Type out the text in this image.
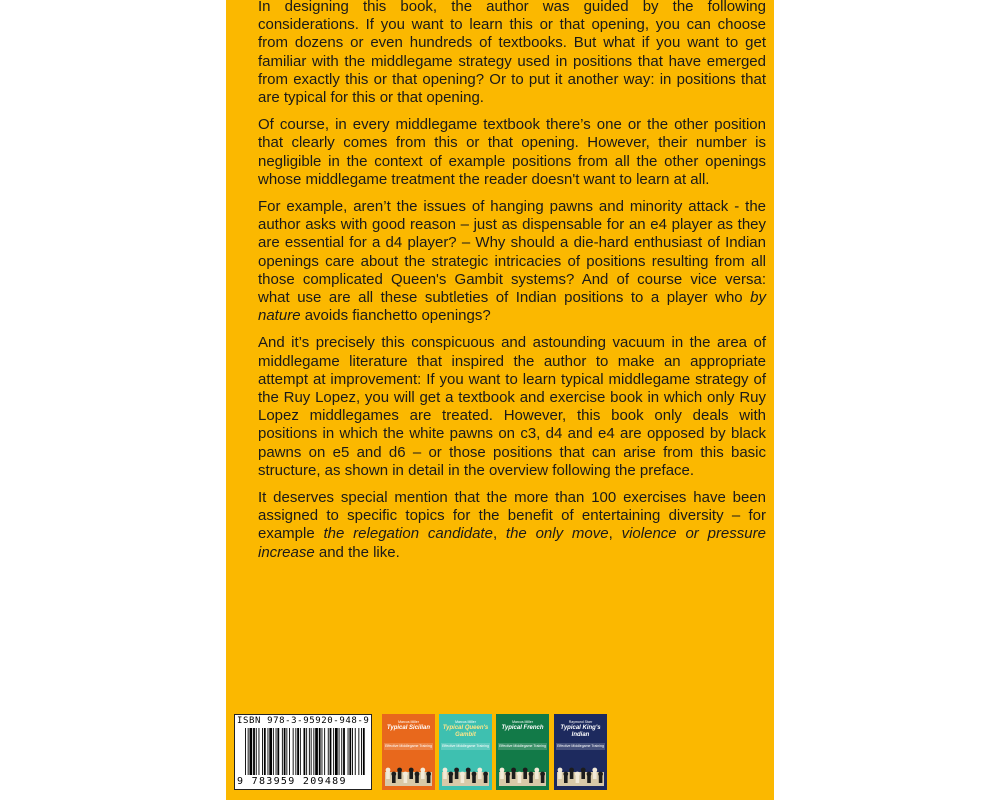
In designing this book, the author was guided by the following considerations. If you want to learn this or that opening, you can choose from dozens or even hundreds of textbooks. But what if you want to get familiar with the middlegame strategy used in positions that have emerged from exactly this or that opening? Or to put it another way: in positions that are typical for this or that opening.

Of course, in every middlegame textbook there’s one or the other position that clearly comes from this or that opening. However, their number is negligible in the context of example positions from all the other openings whose middlegame treatment the reader doesn't want to learn at all.

For example, aren’t the issues of hanging pawns and minority attack - the author asks with good reason – just as dispensable for an e4 player as they are essential for a d4 player? – Why should a die-hard enthusiast of Indian openings care about the strategic intricacies of positions resulting from all those complicated Queen's Gambit systems? And of course vice versa: what use are all these subtleties of Indian positions to a player who by nature avoids fianchetto openings?

And it’s precisely this conspicuous and astounding vacuum in the area of middlegame literature that inspired the author to make an appropriate attempt at improvement: If you want to learn typical middlegame strategy of the Ruy Lopez, you will get a textbook and exercise book in which only Ruy Lopez middlegames are treated. However, this book only deals with positions in which the white pawns on c3, d4 and e4 are opposed by black pawns on e5 and d6 – or those positions that can arise from this basic structure, as shown in detail in the overview following the preface.

It deserves special mention that the more than 100 exercises have been assigned to specific topics for the benefit of entertaining diversity – for example the relegation candidate, the only move, violence or pressure increase and the like.

ISBN 978-3-95920-948-9
9 783959 209489
Marcus Miller
Typical Sicilian
Effective Middlegame Training
Marcus Miller
Typical Queen's Gambit
Effective Middlegame Training
Marcus Miller
Typical French
Effective Middlegame Training
Raymond Starr
Typical King's Indian
Effective Middlegame Training
